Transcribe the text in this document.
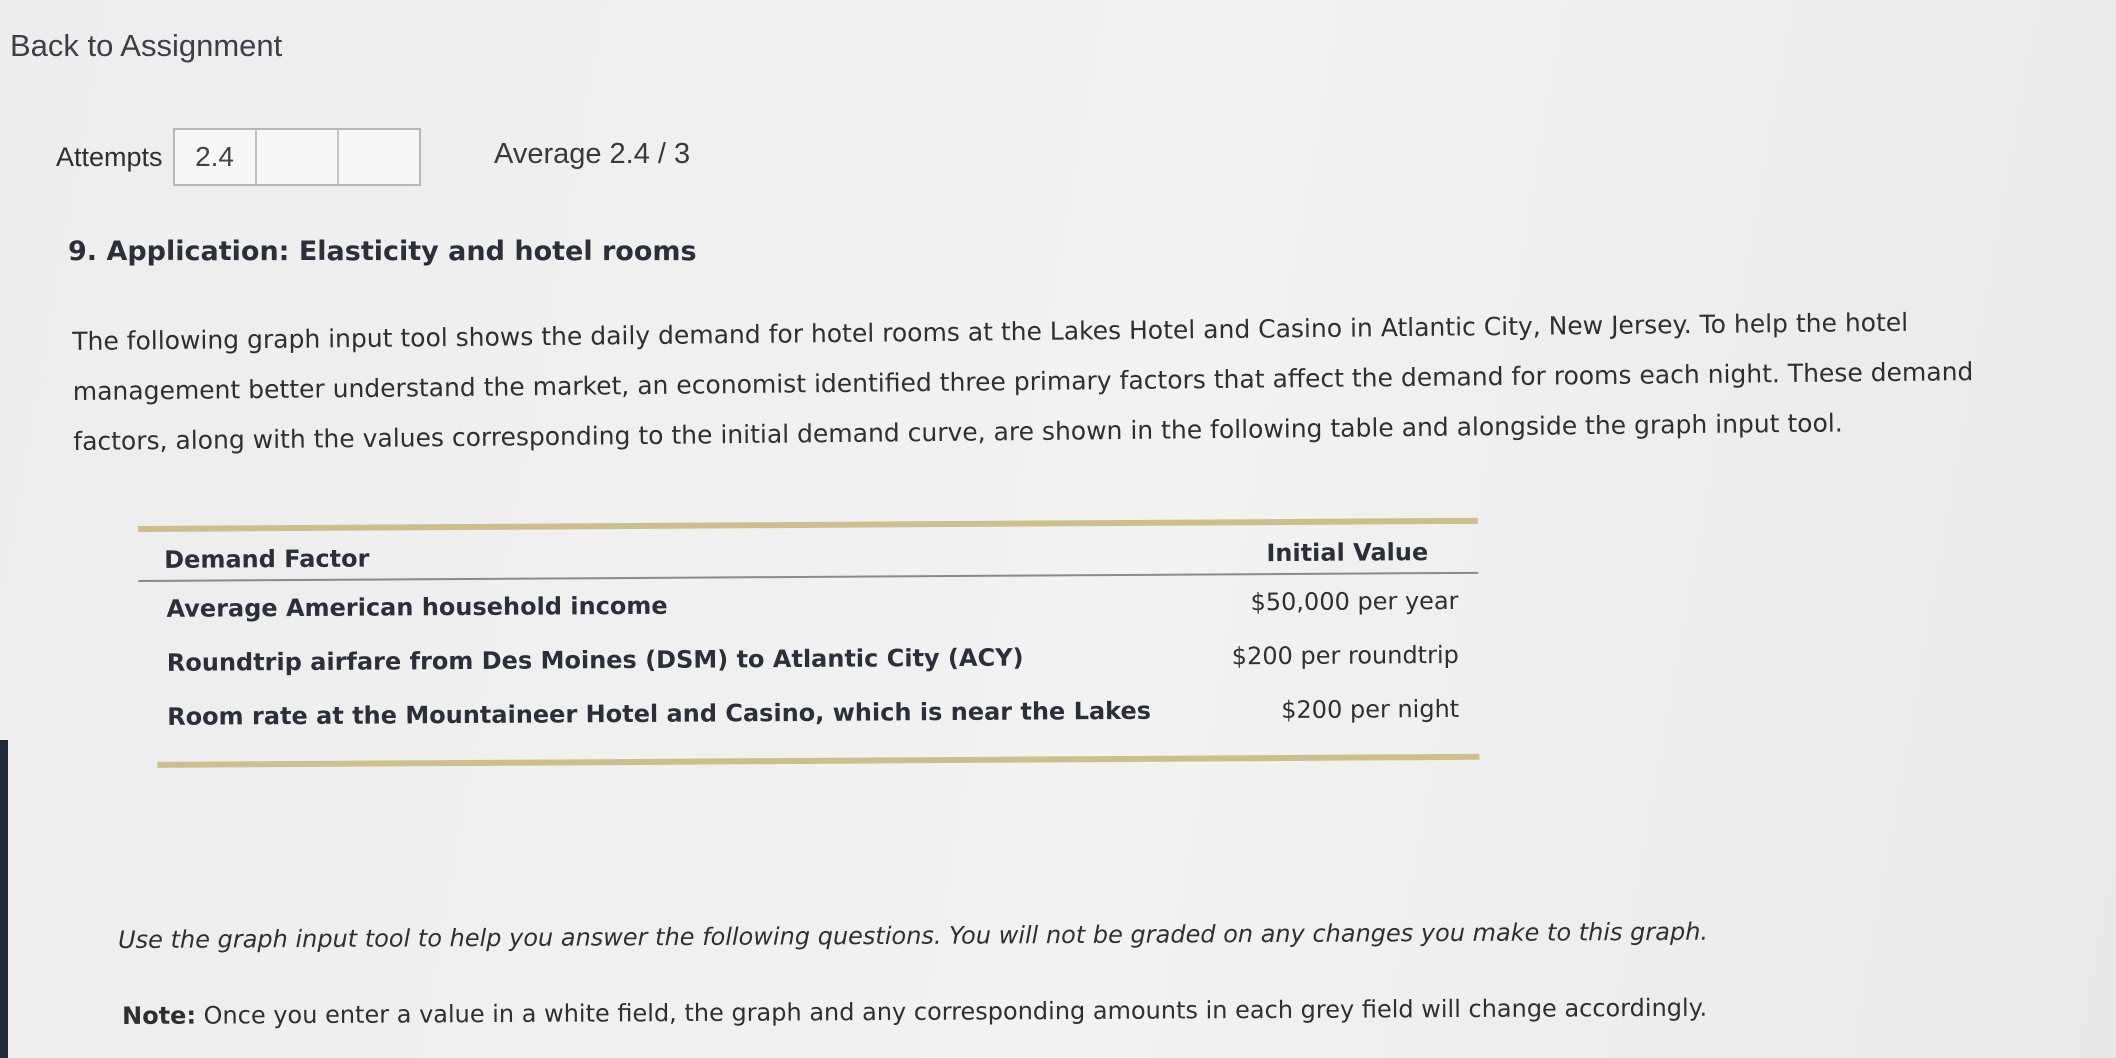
Back to Assignment
Attempts	2.4	Average 2.4 / 3
9. Application: Elasticity and hotel rooms

The following graph input tool shows the daily demand for hotel rooms at the Lakes Hotel and Casino in Atlantic City, New Jersey. To help the hotel management better understand the market, an economist identified three primary factors that affect the demand for rooms each night. These demand factors, along with the values corresponding to the initial demand curve, are shown in the following table and alongside the graph input tool.

Demand Factor	Initial Value
Average American household income	$50,000 per year
Roundtrip airfare from Des Moines (DSM) to Atlantic City (ACY)	$200 per roundtrip
Room rate at the Mountaineer Hotel and Casino, which is near the Lakes	$200 per night
Use the graph input tool to help you answer the following questions. You will not be graded on any changes you make to this graph.
Note: Once you enter a value in a white field, the graph and any corresponding amounts in each grey field will change accordingly.
